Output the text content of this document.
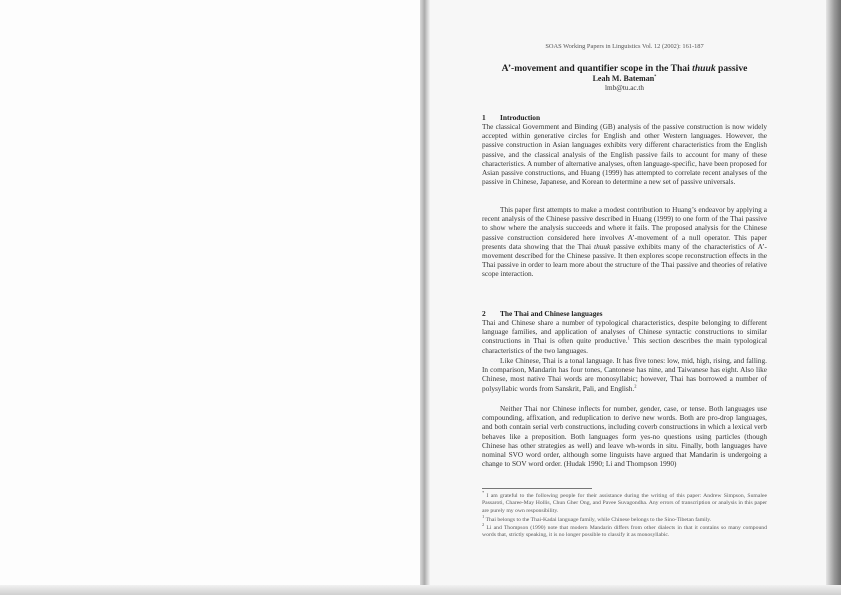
SOAS Working Papers in Linguistics Vol. 12 (2002): 161-187
A’-movement and quantifier scope in the Thai thuuk passive
Leah M. Bateman*
lmb@tu.ac.th
1 Introduction

The classical Government and Binding (GB) analysis of the passive construction is now widely accepted within generative circles for English and other Western languages. However, the passive construction in Asian languages exhibits very different characteristics from the English passive, and the classical analysis of the English passive fails to account for many of these characteristics. A number of alternative analyses, often language-specific, have been proposed for Asian passive constructions, and Huang (1999) has attempted to correlate recent analyses of the passive in Chinese, Japanese, and Korean to determine a new set of passive universals.

This paper first attempts to make a modest contribution to Huang’s endeavor by applying a recent analysis of the Chinese passive described in Huang (1999) to one form of the Thai passive to show where the analysis succeeds and where it fails. The proposed analysis for the Chinese passive construction considered here involves A’-movement of a null operator. This paper presents data showing that the Thai thuuk passive exhibits many of the characteristics of A’-movement described for the Chinese passive. It then explores scope reconstruction effects in the Thai passive in order to learn more about the structure of the Thai passive and theories of relative scope interaction.

2 The Thai and Chinese languages

Thai and Chinese share a number of typological characteristics, despite belonging to different language families, and application of analyses of Chinese syntactic constructions to similar constructions in Thai is often quite productive.$^1$ This section describes the main typological characteristics of the two languages.

Like Chinese, Thai is a tonal language. It has five tones: low, mid, high, rising, and falling. In comparison, Mandarin has four tones, Cantonese has nine, and Taiwanese has eight. Also like Chinese, most native Thai words are monosyllabic; however, Thai has borrowed a number of polysyllabic words from Sanskrit, Pali, and English.$^2$

Neither Thai nor Chinese inflects for number, gender, case, or tense. Both languages use compounding, affixation, and reduplication to derive new words. Both are pro-drop languages, and both contain serial verb constructions, including coverb constructions in which a lexical verb behaves like a preposition. Both languages form yes-no questions using particles (though Chinese has other strategies as well) and leave wh-words in situ. Finally, both languages have nominal SVO word order, although some linguists have argued that Mandarin is undergoing a change to SOV word order. (Hudak 1990; Li and Thompson 1990)

* I am grateful to the following people for their assistance during the writing of this paper: Andrew Simpson, Sumalee Passaroti, Charee-May Hollis, Chun Gher Ong, and Pavee Suvagondha. Any errors of transcription or analysis in this paper are purely my own responsibility.

$^1$ Thai belongs to the Thai-Kadai language family, while Chinese belongs to the Sino-Tibetan family.

$^2$ Li and Thompson (1990) note that modern Mandarin differs from other dialects in that it contains so many compound words that, strictly speaking, it is no longer possible to classify it as monosyllabic.
